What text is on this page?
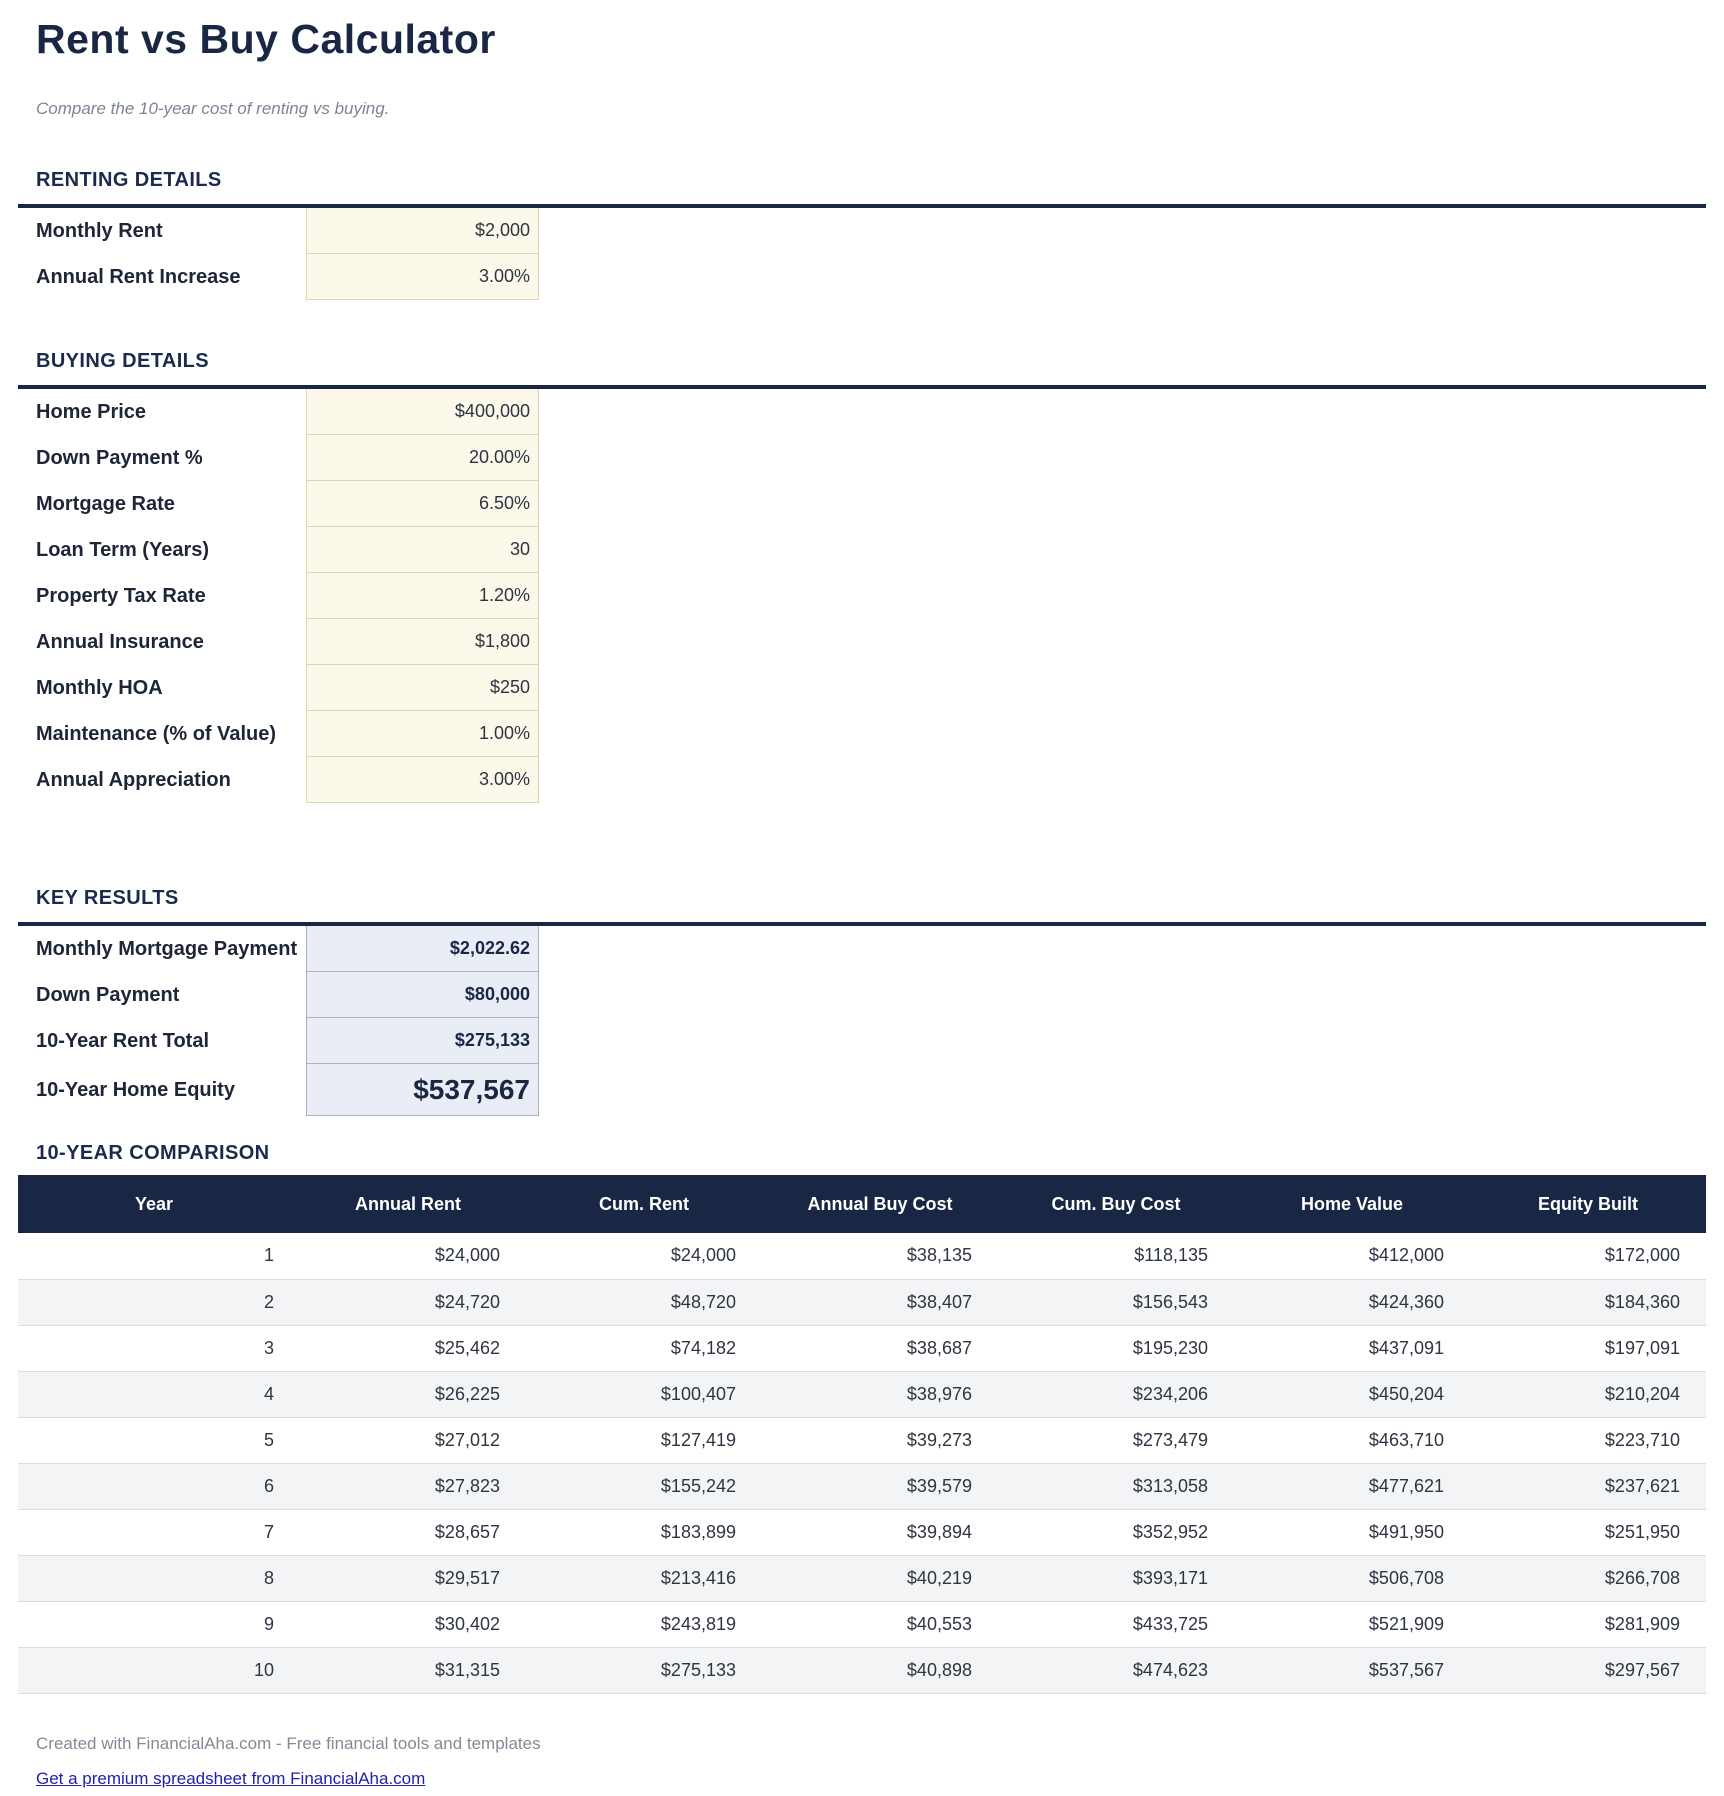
Rent vs Buy Calculator
Compare the 10-year cost of renting vs buying.
RENTING DETAILS
Monthly Rent	$2,000
Annual Rent Increase	3.00%
BUYING DETAILS
Home Price	$400,000
Down Payment %	20.00%
Mortgage Rate	6.50%
Loan Term (Years)	30
Property Tax Rate	1.20%
Annual Insurance	$1,800
Monthly HOA	$250
Maintenance (% of Value)	1.00%
Annual Appreciation	3.00%
KEY RESULTS
Monthly Mortgage Payment	$2,022.62
Down Payment	$80,000
10-Year Rent Total	$275,133
10-Year Home Equity	$537,567
10-YEAR COMPARISON
Year	Annual Rent	Cum. Rent	Annual Buy Cost	Cum. Buy Cost	Home Value	Equity Built
1	$24,000	$24,000	$38,135	$118,135	$412,000	$172,000
2	$24,720	$48,720	$38,407	$156,543	$424,360	$184,360
3	$25,462	$74,182	$38,687	$195,230	$437,091	$197,091
4	$26,225	$100,407	$38,976	$234,206	$450,204	$210,204
5	$27,012	$127,419	$39,273	$273,479	$463,710	$223,710
6	$27,823	$155,242	$39,579	$313,058	$477,621	$237,621
7	$28,657	$183,899	$39,894	$352,952	$491,950	$251,950
8	$29,517	$213,416	$40,219	$393,171	$506,708	$266,708
9	$30,402	$243,819	$40,553	$433,725	$521,909	$281,909
10	$31,315	$275,133	$40,898	$474,623	$537,567	$297,567
Created with FinancialAha.com - Free financial tools and templates
Get a premium spreadsheet from FinancialAha.com
